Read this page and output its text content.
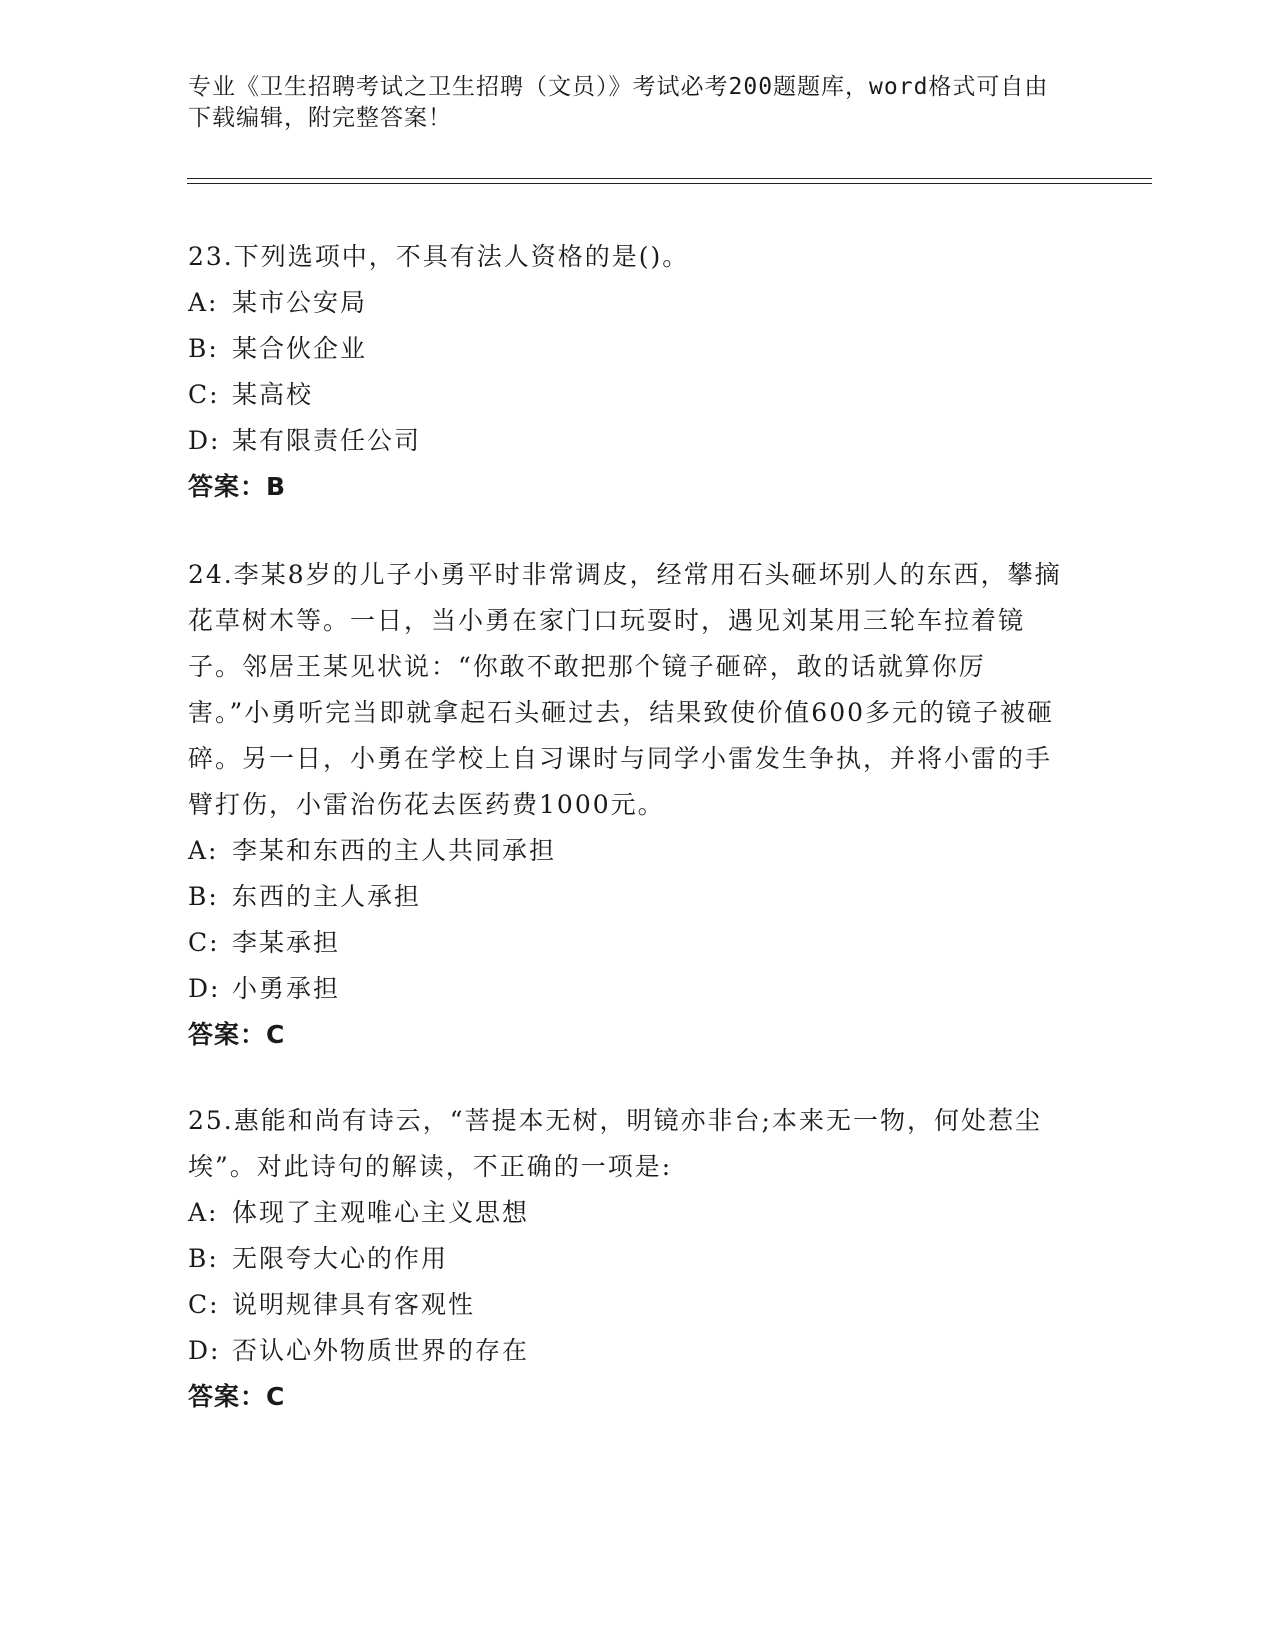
专业《卫生招聘考试之卫生招聘（文员）》考试必考200题题库，word格式可自由下载编辑，附完整答案！

23.下列选项中，不具有法人资格的是()。

A: 某市公安局
B: 某合伙企业
C: 某高校
D: 某有限责任公司

答案：B

24.李某8岁的儿子小勇平时非常调皮，经常用石头砸坏别人的东西，攀摘花草树木等。一日，当小勇在家门口玩耍时，遇见刘某用三轮车拉着镜子。邻居王某见状说：“你敢不敢把那个镜子砸碎，敢的话就算你厉害。”小勇听完当即就拿起石头砸过去，结果致使价值600多元的镜子被砸碎。另一日，小勇在学校上自习课时与同学小雷发生争执，并将小雷的手臂打伤，小雷治伤花去医药费1000元。

A: 李某和东西的主人共同承担
B: 东西的主人承担
C: 李某承担
D: 小勇承担

答案：C

25.惠能和尚有诗云，“菩提本无树，明镜亦非台;本来无一物，何处惹尘埃”。对此诗句的解读，不正确的一项是:

A: 体现了主观唯心主义思想
B: 无限夸大心的作用
C: 说明规律具有客观性
D: 否认心外物质世界的存在

答案：C
